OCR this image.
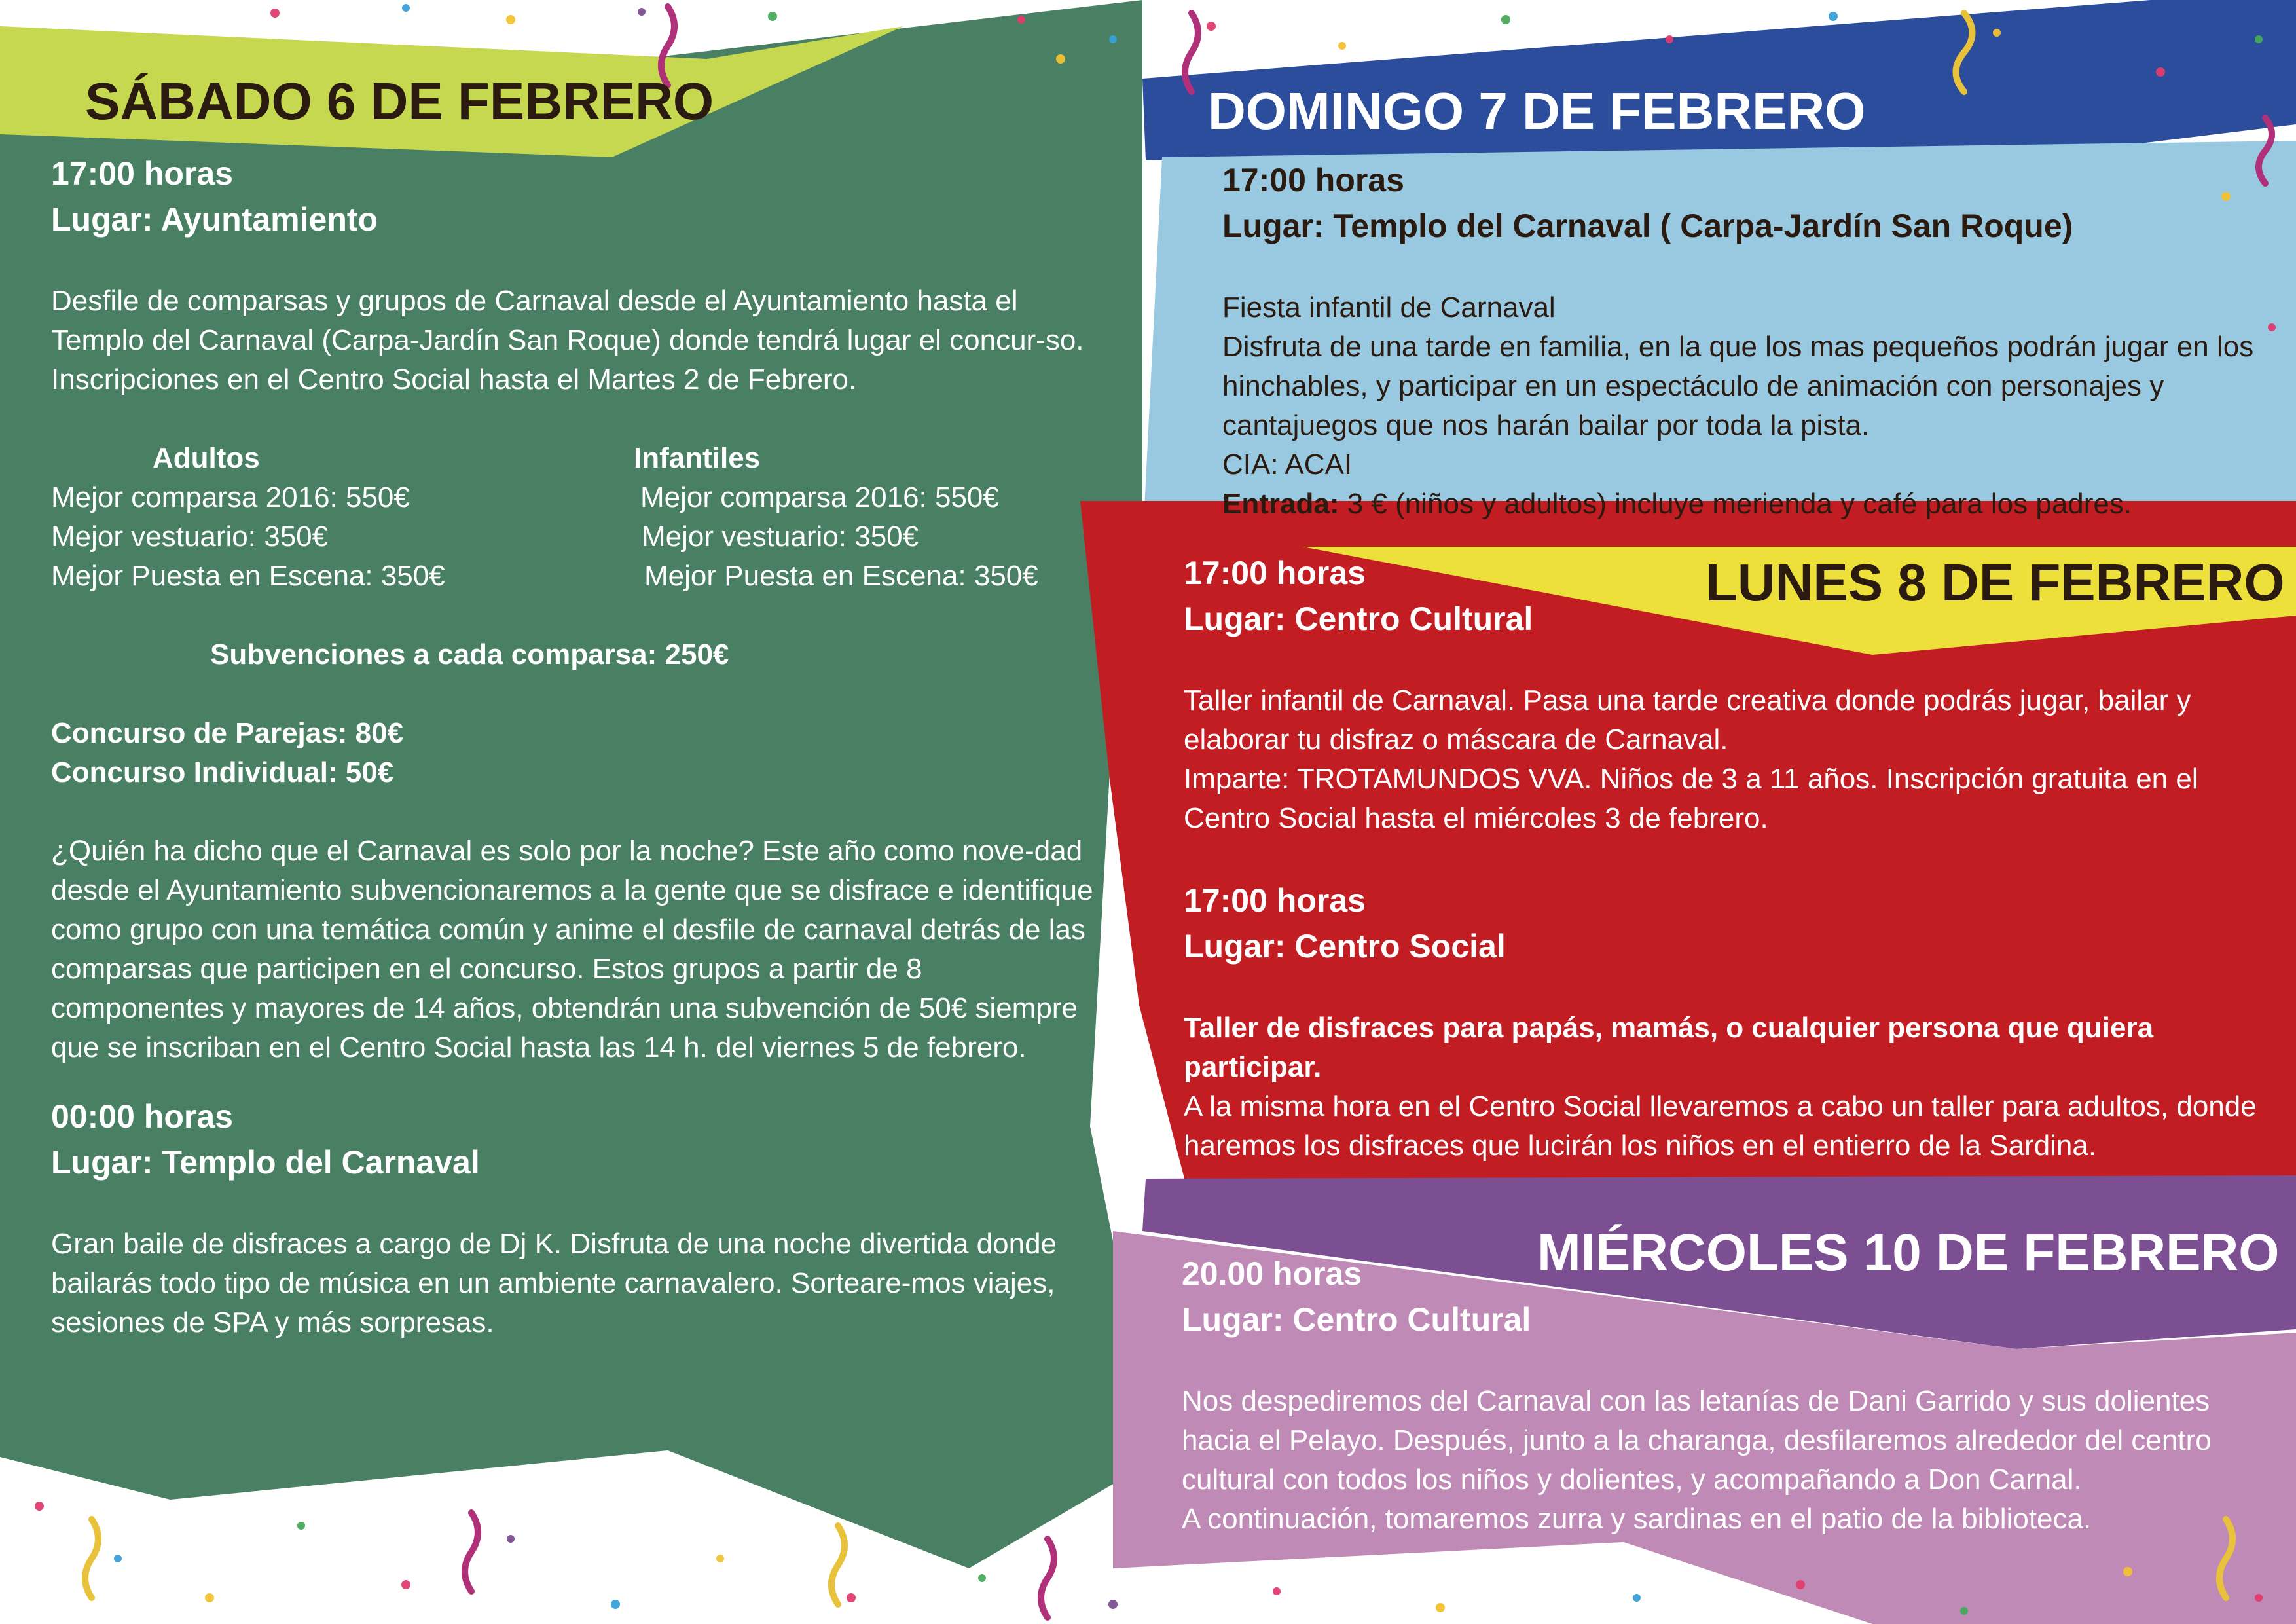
SÁBADO 6 DE FEBRERO

17:00 horas

Lugar: Ayuntamiento

Desfile de comparsas y grupos de Carnaval desde el Ayuntamiento hasta el Templo del Carnaval (Carpa-Jardín San Roque) donde tendrá lugar el concur-so. Inscripciones en el Centro Social hasta el Martes 2 de Febrero.

Adultos

Mejor comparsa 2016: 550€

Mejor vestuario: 350€

Mejor Puesta en Escena: 350€

Infantiles

Mejor comparsa 2016: 550€

Mejor vestuario: 350€

Mejor Puesta en Escena: 350€

Subvenciones a cada comparsa: 250€

Concurso de Parejas: 80€

Concurso Individual: 50€

¿Quién ha dicho que el Carnaval es solo por la noche? Este año como nove-dad desde el Ayuntamiento subvencionaremos a la gente que se disfrace e identifique como grupo con una temática común y anime el desfile de carnaval detrás de las comparsas que participen en el concurso. Estos grupos a partir de 8 componentes y mayores de 14 años, obtendrán una subvención de 50€ siempre que se inscriban en el Centro Social hasta las 14 h. del viernes 5 de febrero.

00:00 horas

Lugar: Templo del Carnaval

Gran baile de disfraces a cargo de Dj K. Disfruta de una noche divertida donde bailarás todo tipo de música en un ambiente carnavalero. Sorteare-mos viajes, sesiones de SPA y más sorpresas.

DOMINGO 7 DE FEBRERO

17:00 horas

Lugar: Templo del Carnaval ( Carpa-Jardín San Roque)

Fiesta infantil de Carnaval

Disfruta de una tarde en familia, en la que los mas pequeños podrán jugar en los hinchables, y participar en un espectáculo de animación con personajes y cantajuegos que nos harán bailar por toda la pista.

CIA: ACAI

Entrada: 3 € (niños y adultos) incluye merienda y café para los padres.

LUNES 8 DE FEBRERO

17:00 horas

Lugar: Centro Cultural

Taller infantil de Carnaval. Pasa una tarde creativa donde podrás jugar, bailar y elaborar tu disfraz o máscara de Carnaval.

Imparte: TROTAMUNDOS VVA. Niños de 3 a 11 años. Inscripción gratuita en el Centro Social hasta el miércoles 3 de febrero.

17:00 horas

Lugar: Centro Social

Taller de disfraces para papás, mamás, o cualquier persona que quiera participar.

A la misma hora en el Centro Social llevaremos a cabo un taller para adultos, donde haremos los disfraces que lucirán los niños en el entierro de la Sardina.

MIÉRCOLES 10 DE FEBRERO

20.00 horas

Lugar: Centro Cultural

Nos despediremos del Carnaval con las letanías de Dani Garrido y sus dolientes hacia el Pelayo. Después, junto a la charanga, desfilaremos alrededor del centro cultural con todos los niños y dolientes, y acompañando a Don Carnal.

A continuación, tomaremos zurra y sardinas en el patio de la biblioteca.
